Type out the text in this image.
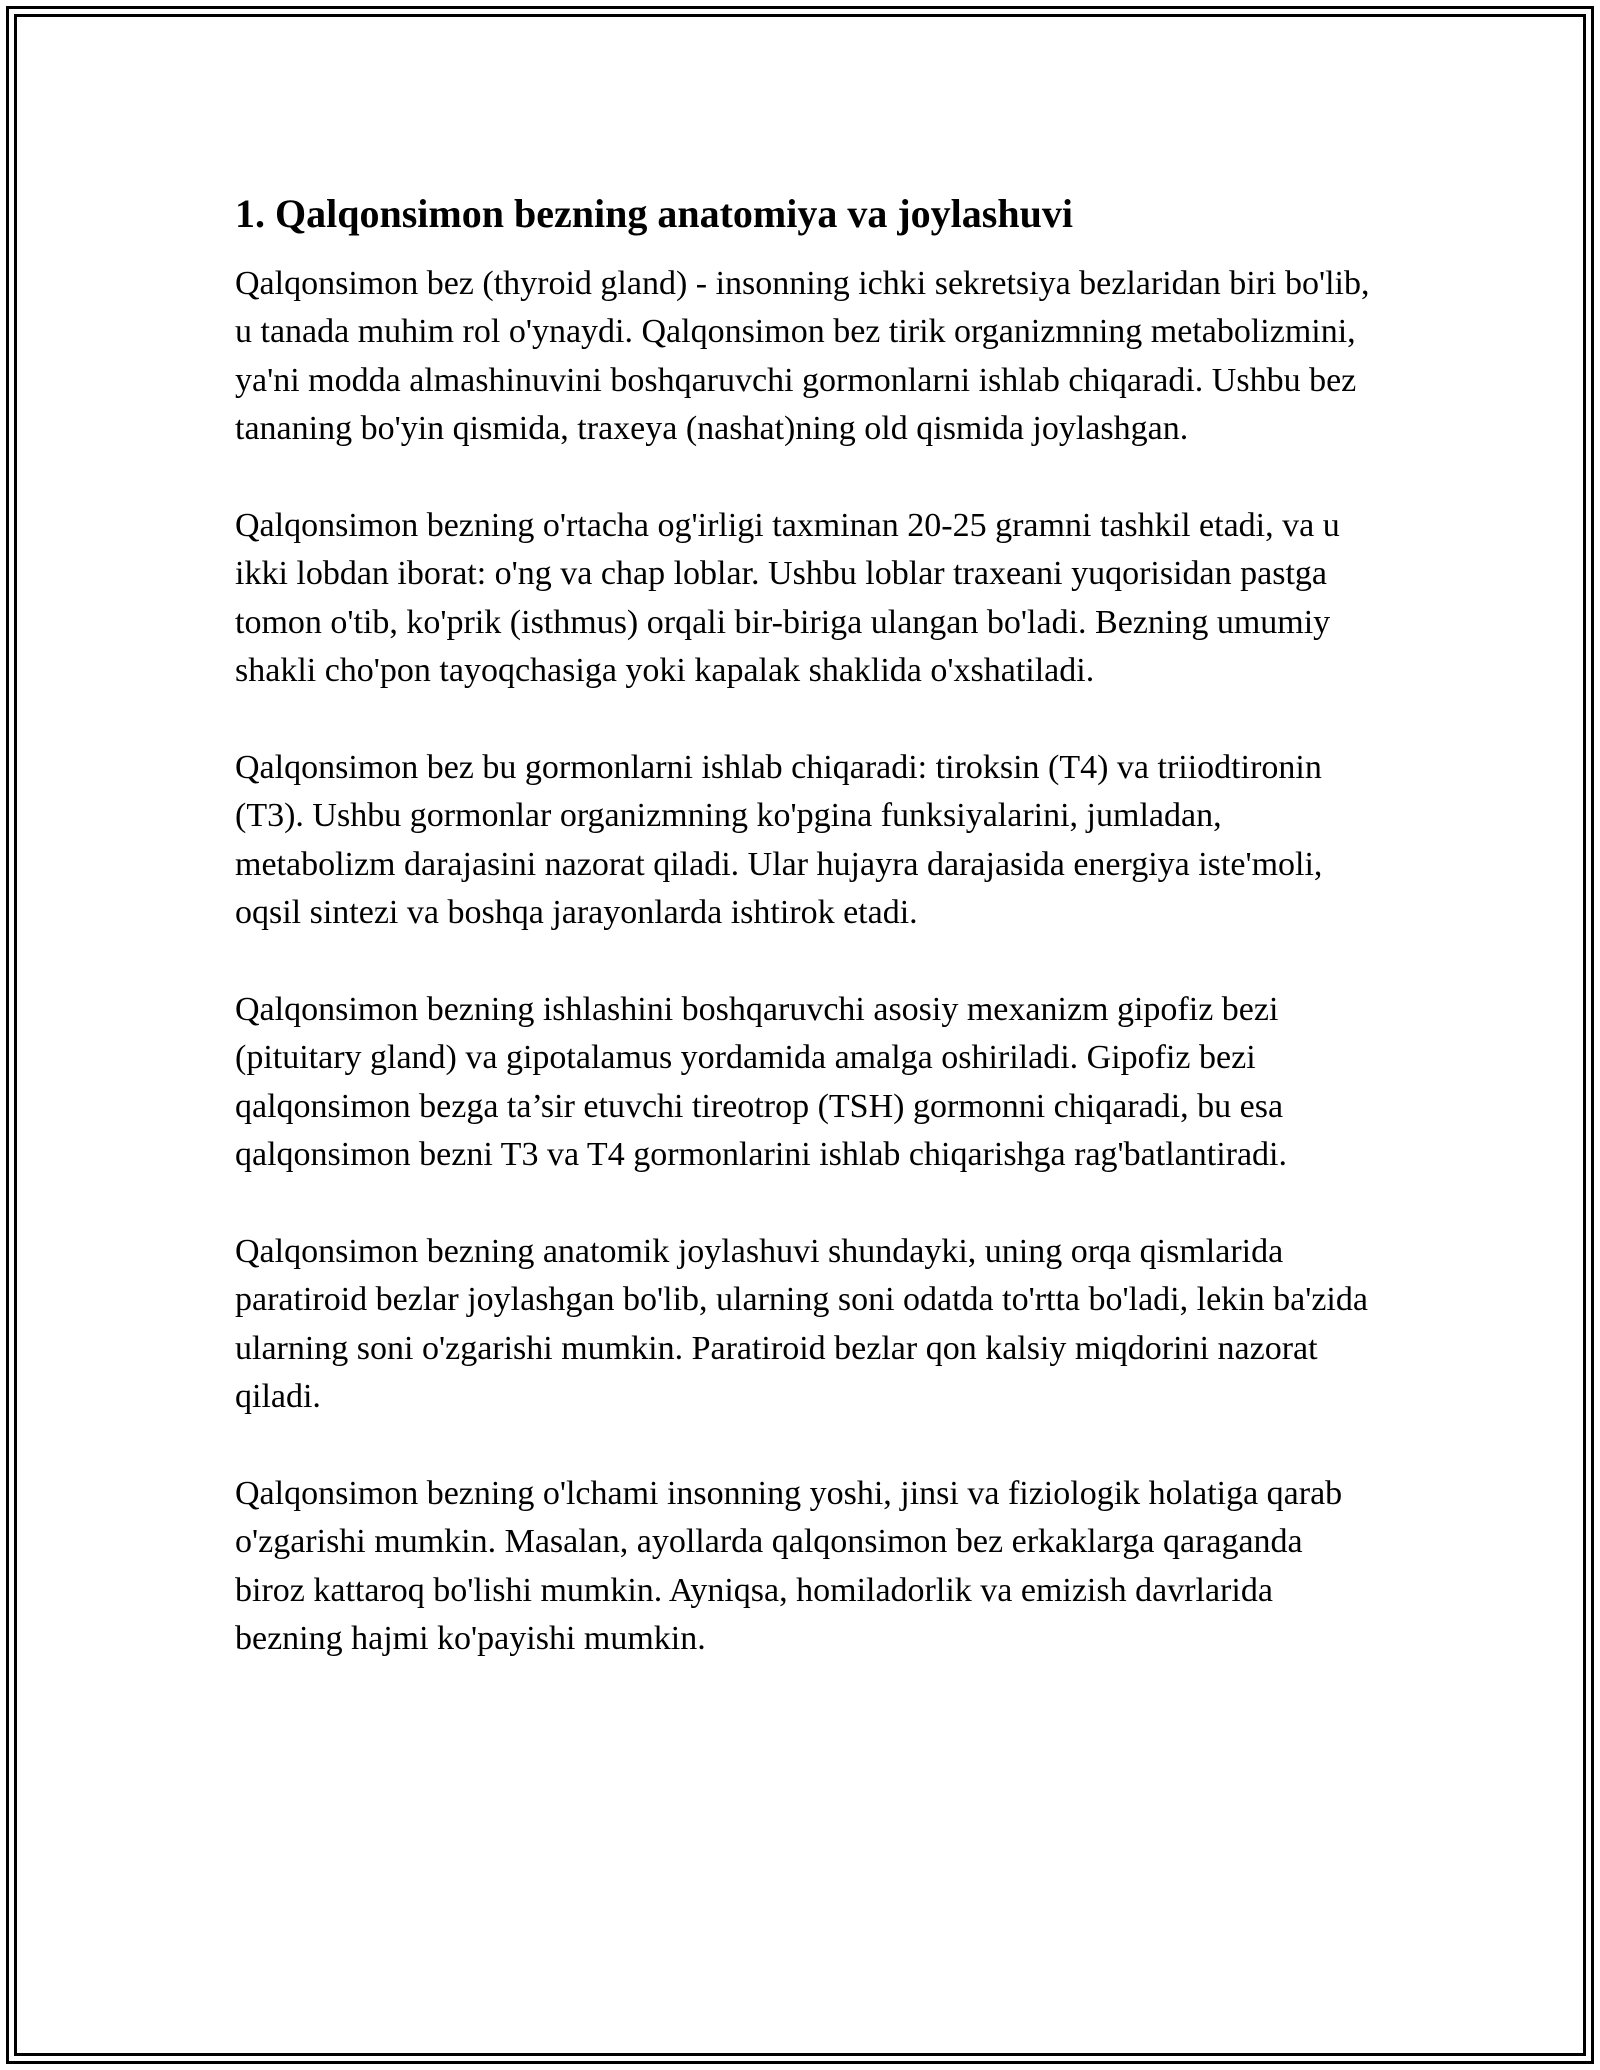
1. Qalqonsimon bezning anatomiya va joylashuvi

Qalqonsimon bez (thyroid gland) - insonning ichki sekretsiya bezlaridan biri bo'lib, u tanada muhim rol o'ynaydi. Qalqonsimon bez tirik organizmning metabolizmini, ya'ni modda almashinuvini boshqaruvchi gormonlarni ishlab chiqaradi. Ushbu bez tananing bo'yin qismida, traxeya (nashat)ning old qismida joylashgan.

Qalqonsimon bezning o'rtacha og'irligi taxminan 20-25 gramni tashkil etadi, va u ikki lobdan iborat: o'ng va chap loblar. Ushbu loblar traxeani yuqorisidan pastga tomon o'tib, ko'prik (isthmus) orqali bir-biriga ulangan bo'ladi. Bezning umumiy shakli cho'pon tayoqchasiga yoki kapalak shaklida o'xshatiladi.

Qalqonsimon bez bu gormonlarni ishlab chiqaradi: tiroksin (T4) va triiodtironin (T3). Ushbu gormonlar organizmning ko'pgina funksiyalarini, jumladan, metabolizm darajasini nazorat qiladi. Ular hujayra darajasida energiya iste'moli, oqsil sintezi va boshqa jarayonlarda ishtirok etadi.

Qalqonsimon bezning ishlashini boshqaruvchi asosiy mexanizm gipofiz bezi (pituitary gland) va gipotalamus yordamida amalga oshiriladi. Gipofiz bezi qalqonsimon bezga ta’sir etuvchi tireotrop (TSH) gormonni chiqaradi, bu esa qalqonsimon bezni T3 va T4 gormonlarini ishlab chiqarishga rag'batlantiradi.

Qalqonsimon bezning anatomik joylashuvi shundayki, uning orqa qismlarida paratiroid bezlar joylashgan bo'lib, ularning soni odatda to'rtta bo'ladi, lekin ba'zida ularning soni o'zgarishi mumkin. Paratiroid bezlar qon kalsiy miqdorini nazorat qiladi.

Qalqonsimon bezning o'lchami insonning yoshi, jinsi va fiziologik holatiga qarab o'zgarishi mumkin. Masalan, ayollarda qalqonsimon bez erkaklarga qaraganda biroz kattaroq bo'lishi mumkin. Ayniqsa, homiladorlik va emizish davrlarida bezning hajmi ko'payishi mumkin.
